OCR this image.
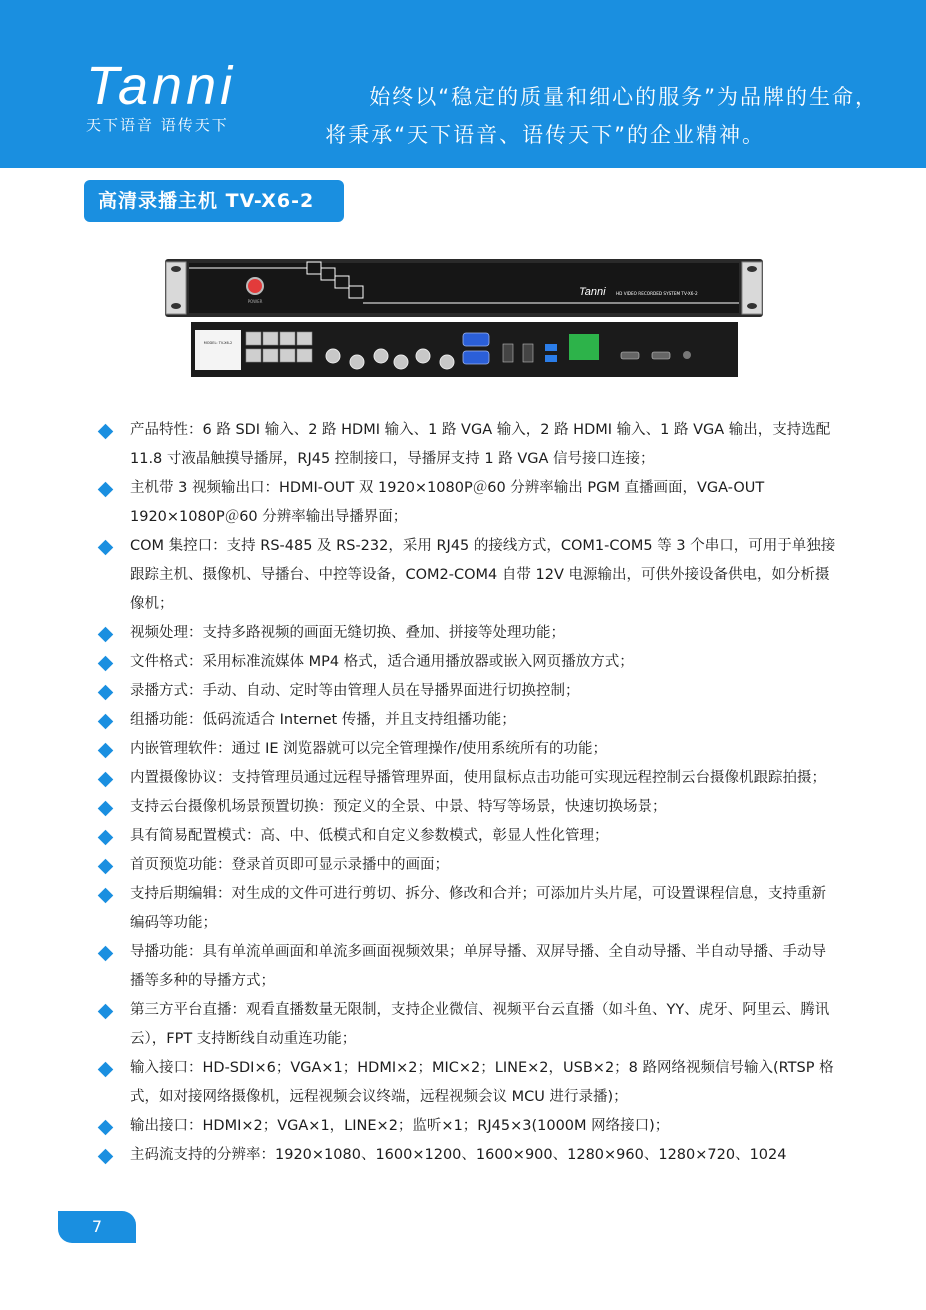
Tanni
天下语音 语传天下
始终以“稳定的质量和细心的服务”为品牌的生命，
将秉承“天下语音、语传天下”的企业精神。
高清录播主机 TV-X6-2
POWER
Tanni HD VIDEO RECORDED SYSTEM TV-X6-2
MODEL: TV-X6-2
产品特性：6 路 SDI 输入、2 路 HDMI 输入、1 路 VGA 输入，2 路 HDMI 输入、1 路 VGA 输出，支持选配 11.8 寸液晶触摸导播屏，RJ45 控制接口，导播屏支持 1 路 VGA 信号接口连接；
主机带 3 视频输出口：HDMI-OUT 双 1920×1080P＠60 分辨率输出 PGM 直播画面，VGA-OUT 1920×1080P＠60 分辨率输出导播界面；
COM 集控口：支持 RS-485 及 RS-232，采用 RJ45 的接线方式，COM1-COM5 等 3 个串口，可用于单独接跟踪主机、摄像机、导播台、中控等设备，COM2-COM4 自带 12V 电源输出，可供外接设备供电，如分析摄像机；
视频处理：支持多路视频的画面无缝切换、叠加、拼接等处理功能；
文件格式：采用标准流媒体 MP4 格式，适合通用播放器或嵌入网页播放方式；
录播方式：手动、自动、定时等由管理人员在导播界面进行切换控制；
组播功能：低码流适合 Internet 传播，并且支持组播功能；
内嵌管理软件：通过 IE 浏览器就可以完全管理操作/使用系统所有的功能；
内置摄像协议：支持管理员通过远程导播管理界面，使用鼠标点击功能可实现远程控制云台摄像机跟踪拍摄；
支持云台摄像机场景预置切换：预定义的全景、中景、特写等场景，快速切换场景；
具有简易配置模式：高、中、低模式和自定义参数模式，彰显人性化管理；
首页预览功能：登录首页即可显示录播中的画面；
支持后期编辑：对生成的文件可进行剪切、拆分、修改和合并；可添加片头片尾，可设置课程信息，支持重新编码等功能；
导播功能：具有单流单画面和单流多画面视频效果；单屏导播、双屏导播、全自动导播、半自动导播、手动导播等多种的导播方式；
第三方平台直播：观看直播数量无限制，支持企业微信、视频平台云直播（如斗鱼、YY、虎牙、阿里云、腾讯云），FPT 支持断线自动重连功能；
输入接口：HD-SDI×6；VGA×1；HDMI×2；MIC×2；LINE×2，USB×2；8 路网络视频信号输入(RTSP 格式，如对接网络摄像机，远程视频会议终端，远程视频会议 MCU 进行录播)；
输出接口：HDMI×2；VGA×1，LINE×2；监听×1；RJ45×3(1000M 网络接口)；
主码流支持的分辨率：1920×1080、1600×1200、1600×900、1280×960、1280×720、1024
7
